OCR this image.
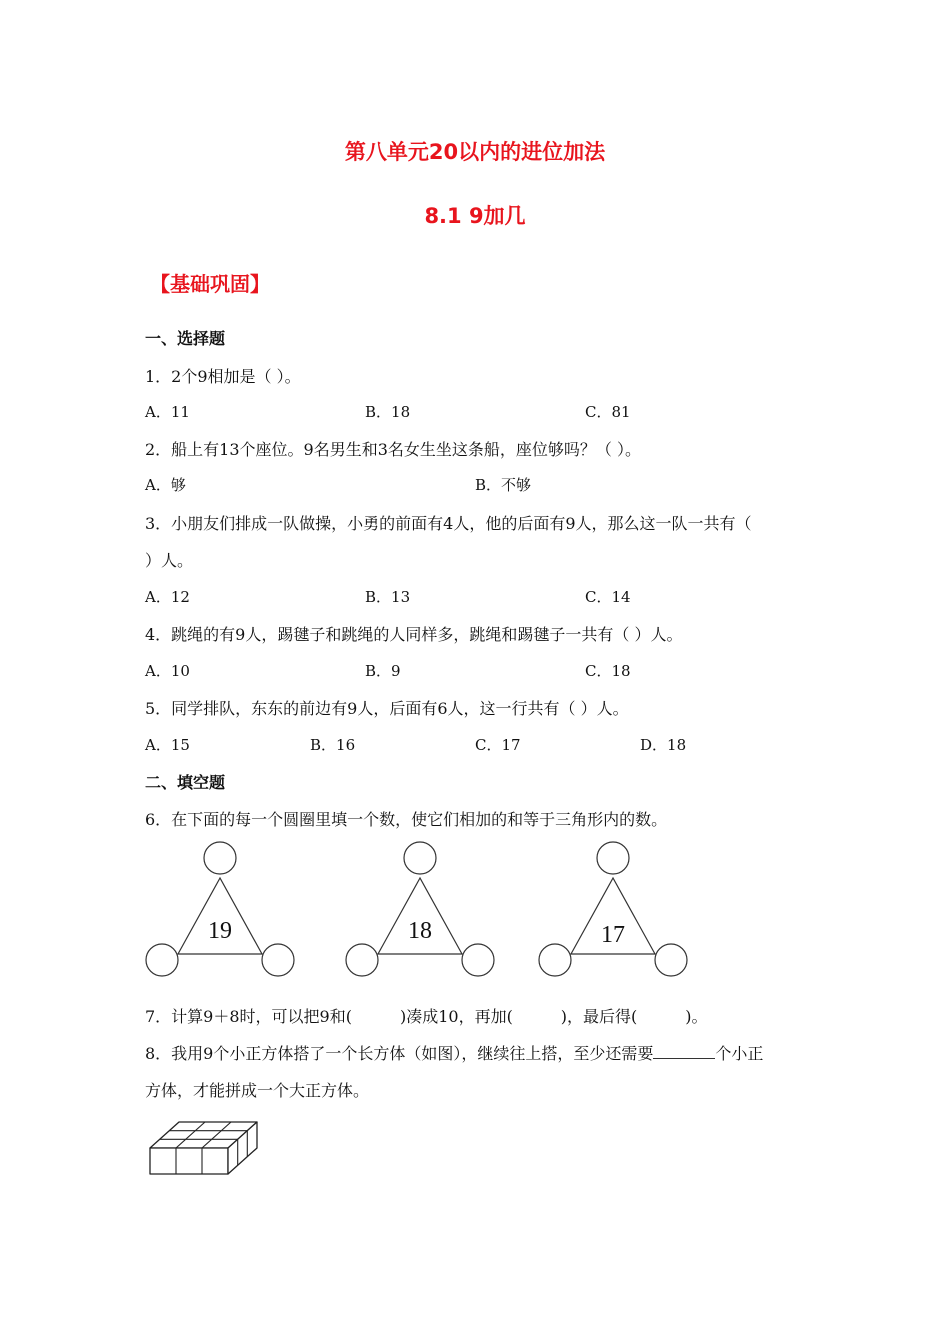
第八单元20以内的进位加法
8.1 9加几
【基础巩固】
一、选择题
1．2个9相加是（ ）。
A．11	B．18	C．81
2．船上有13个座位。9名男生和3名女生坐这条船，座位够吗？（ ）。
A．够	B．不够
3．小朋友们排成一队做操，小勇的前面有4人，他的后面有9人，那么这一队一共有（
）人。
A．12	B．13	C．14
4．跳绳的有9人，踢毽子和跳绳的人同样多，跳绳和踢毽子一共有（ ）人。
A．10	B．9	C．18
5．同学排队，东东的前边有9人，后面有6人，这一行共有（ ）人。
A．15	B．16	C．17	D．18
二、填空题
6．在下面的每一个圆圈里填一个数，使它们相加的和等于三角形内的数。
19	18	17
7．计算9＋8时，可以把9和(　　　)凑成10，再加(　　　)，最后得(　　　)。
8．我用9个小正方体搭了一个长方体（如图），继续往上搭，至少还需要	个小正
方体，才能拼成一个大正方体。
